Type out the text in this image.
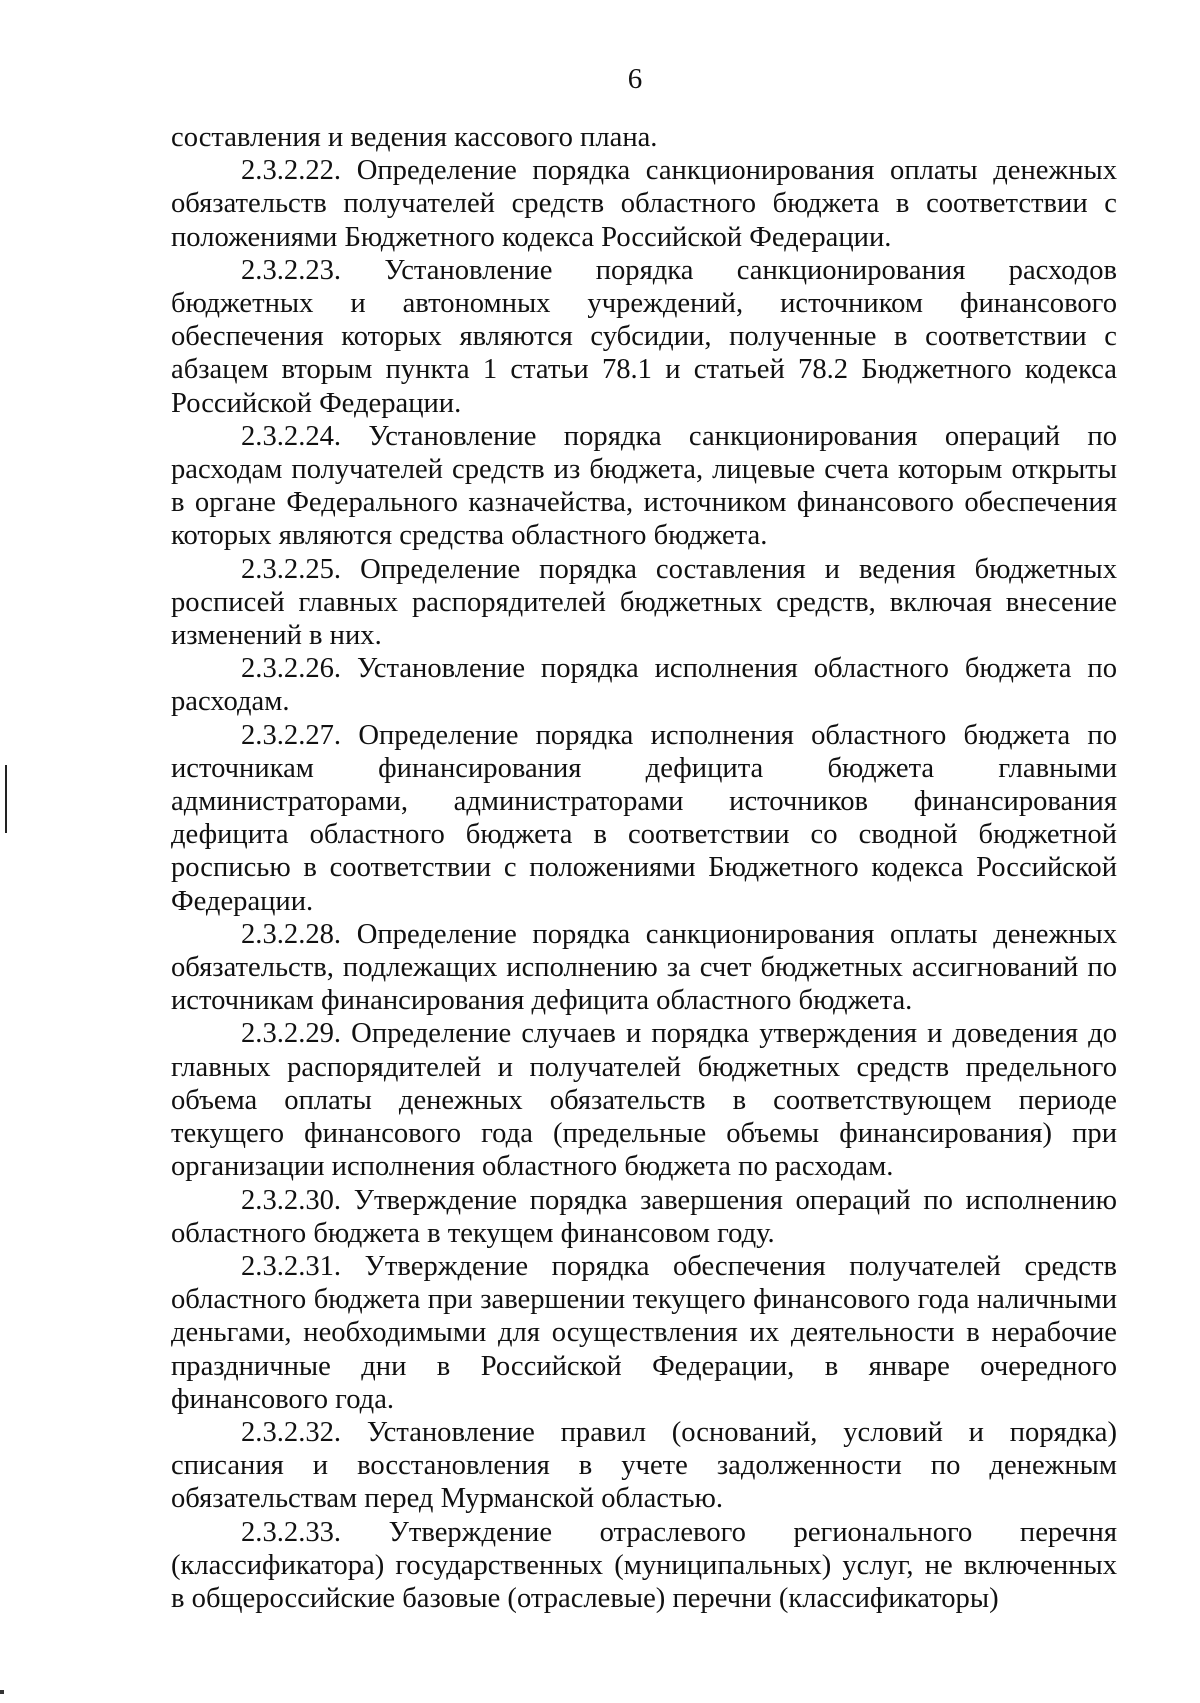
6

составления и ведения кассового плана.

2.3.2.22. Определение порядка санкционирования оплаты денежных обязательств получателей средств областного бюджета в соответствии с положениями Бюджетного кодекса Российской Федерации.

2.3.2.23. Установление порядка санкционирования расходов бюджетных и автономных учреждений, источником финансового обеспечения которых являются субсидии, полученные в соответствии с абзацем вторым пункта 1 статьи 78.1 и статьей 78.2 Бюджетного кодекса Российской Федерации.

2.3.2.24. Установление порядка санкционирования операций по расходам получателей средств из бюджета, лицевые счета которым открыты в органе Федерального казначейства, источником финансового обеспечения которых являются средства областного бюджета.

2.3.2.25. Определение порядка составления и ведения бюджетных росписей главных распорядителей бюджетных средств, включая внесение изменений в них.

2.3.2.26. Установление порядка исполнения областного бюджета по расходам.

2.3.2.27. Определение порядка исполнения областного бюджета по источникам финансирования дефицита бюджета главными администраторами, администраторами источников финансирования дефицита областного бюджета в соответствии со сводной бюджетной росписью в соответствии с положениями Бюджетного кодекса Российской Федерации.

2.3.2.28. Определение порядка санкционирования оплаты денежных обязательств, подлежащих исполнению за счет бюджетных ассигнований по источникам финансирования дефицита областного бюджета.

2.3.2.29. Определение случаев и порядка утверждения и доведения до главных распорядителей и получателей бюджетных средств предельного объема оплаты денежных обязательств в соответствующем периоде текущего финансового года (предельные объемы финансирования) при организации исполнения областного бюджета по расходам.

2.3.2.30. Утверждение порядка завершения операций по исполнению областного бюджета в текущем финансовом году.

2.3.2.31. Утверждение порядка обеспечения получателей средств областного бюджета при завершении текущего финансового года наличными деньгами, необходимыми для осуществления их деятельности в нерабочие праздничные дни в Российской Федерации, в январе очередного финансового года.

2.3.2.32. Установление правил (оснований, условий и порядка) списания и восстановления в учете задолженности по денежным обязательствам перед Мурманской областью.

2.3.2.33. Утверждение отраслевого регионального перечня (классификатора) государственных (муниципальных) услуг, не включенных в общероссийские базовые (отраслевые) перечни (классификаторы)
